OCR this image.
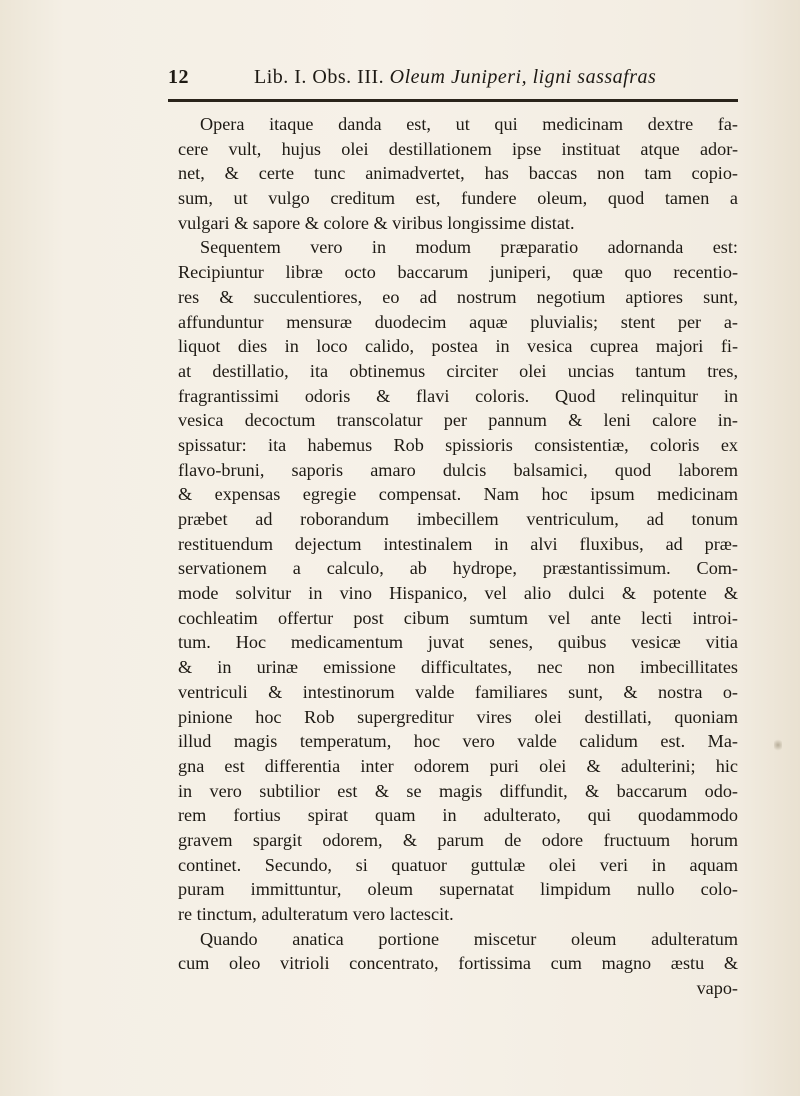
12	Lib. I. Obs. III. Oleum Juniperi, ligni sassafras
Opera itaque danda est, ut qui medicinam dextre fa-
cere vult, hujus olei destillationem ipse instituat atque ador-
net, & certe tunc animadvertet, has baccas non tam copio-
sum, ut vulgo creditum est, fundere oleum, quod tamen a
vulgari & sapore & colore & viribus longissime distat.
Sequentem vero in modum præparatio adornanda est:
Recipiuntur libræ octo baccarum juniperi, quæ quo recentio-
res & succulentiores, eo ad nostrum negotium aptiores sunt,
affunduntur mensuræ duodecim aquæ pluvialis; stent per a-
liquot dies in loco calido, postea in vesica cuprea majori fi-
at destillatio, ita obtinemus circiter olei uncias tantum tres,
fragrantissimi odoris & flavi coloris. Quod relinquitur in
vesica decoctum transcolatur per pannum & leni calore in-
spissatur: ita habemus Rob spissioris consistentiæ, coloris ex
flavo-bruni, saporis amaro dulcis balsamici, quod laborem
& expensas egregie compensat. Nam hoc ipsum medicinam
præbet ad roborandum imbecillem ventriculum, ad tonum
restituendum dejectum intestinalem in alvi fluxibus, ad præ-
servationem a calculo, ab hydrope, præstantissimum. Com-
mode solvitur in vino Hispanico, vel alio dulci & potente &
cochleatim offertur post cibum sumtum vel ante lecti introi-
tum. Hoc medicamentum juvat senes, quibus vesicæ vitia
& in urinæ emissione difficultates, nec non imbecillitates
ventriculi & intestinorum valde familiares sunt, & nostra o-
pinione hoc Rob supergreditur vires olei destillati, quoniam
illud magis temperatum, hoc vero valde calidum est. Ma-
gna est differentia inter odorem puri olei & adulterini; hic
in vero subtilior est & se magis diffundit, & baccarum odo-
rem fortius spirat quam in adulterato, qui quodammodo
gravem spargit odorem, & parum de odore fructuum horum
continet. Secundo, si quatuor guttulæ olei veri in aquam
puram immittuntur, oleum supernatat limpidum nullo colo-
re tinctum, adulteratum vero lactescit.
Quando anatica portione miscetur oleum adulteratum
cum oleo vitrioli concentrato, fortissima cum magno æstu &
vapo-
